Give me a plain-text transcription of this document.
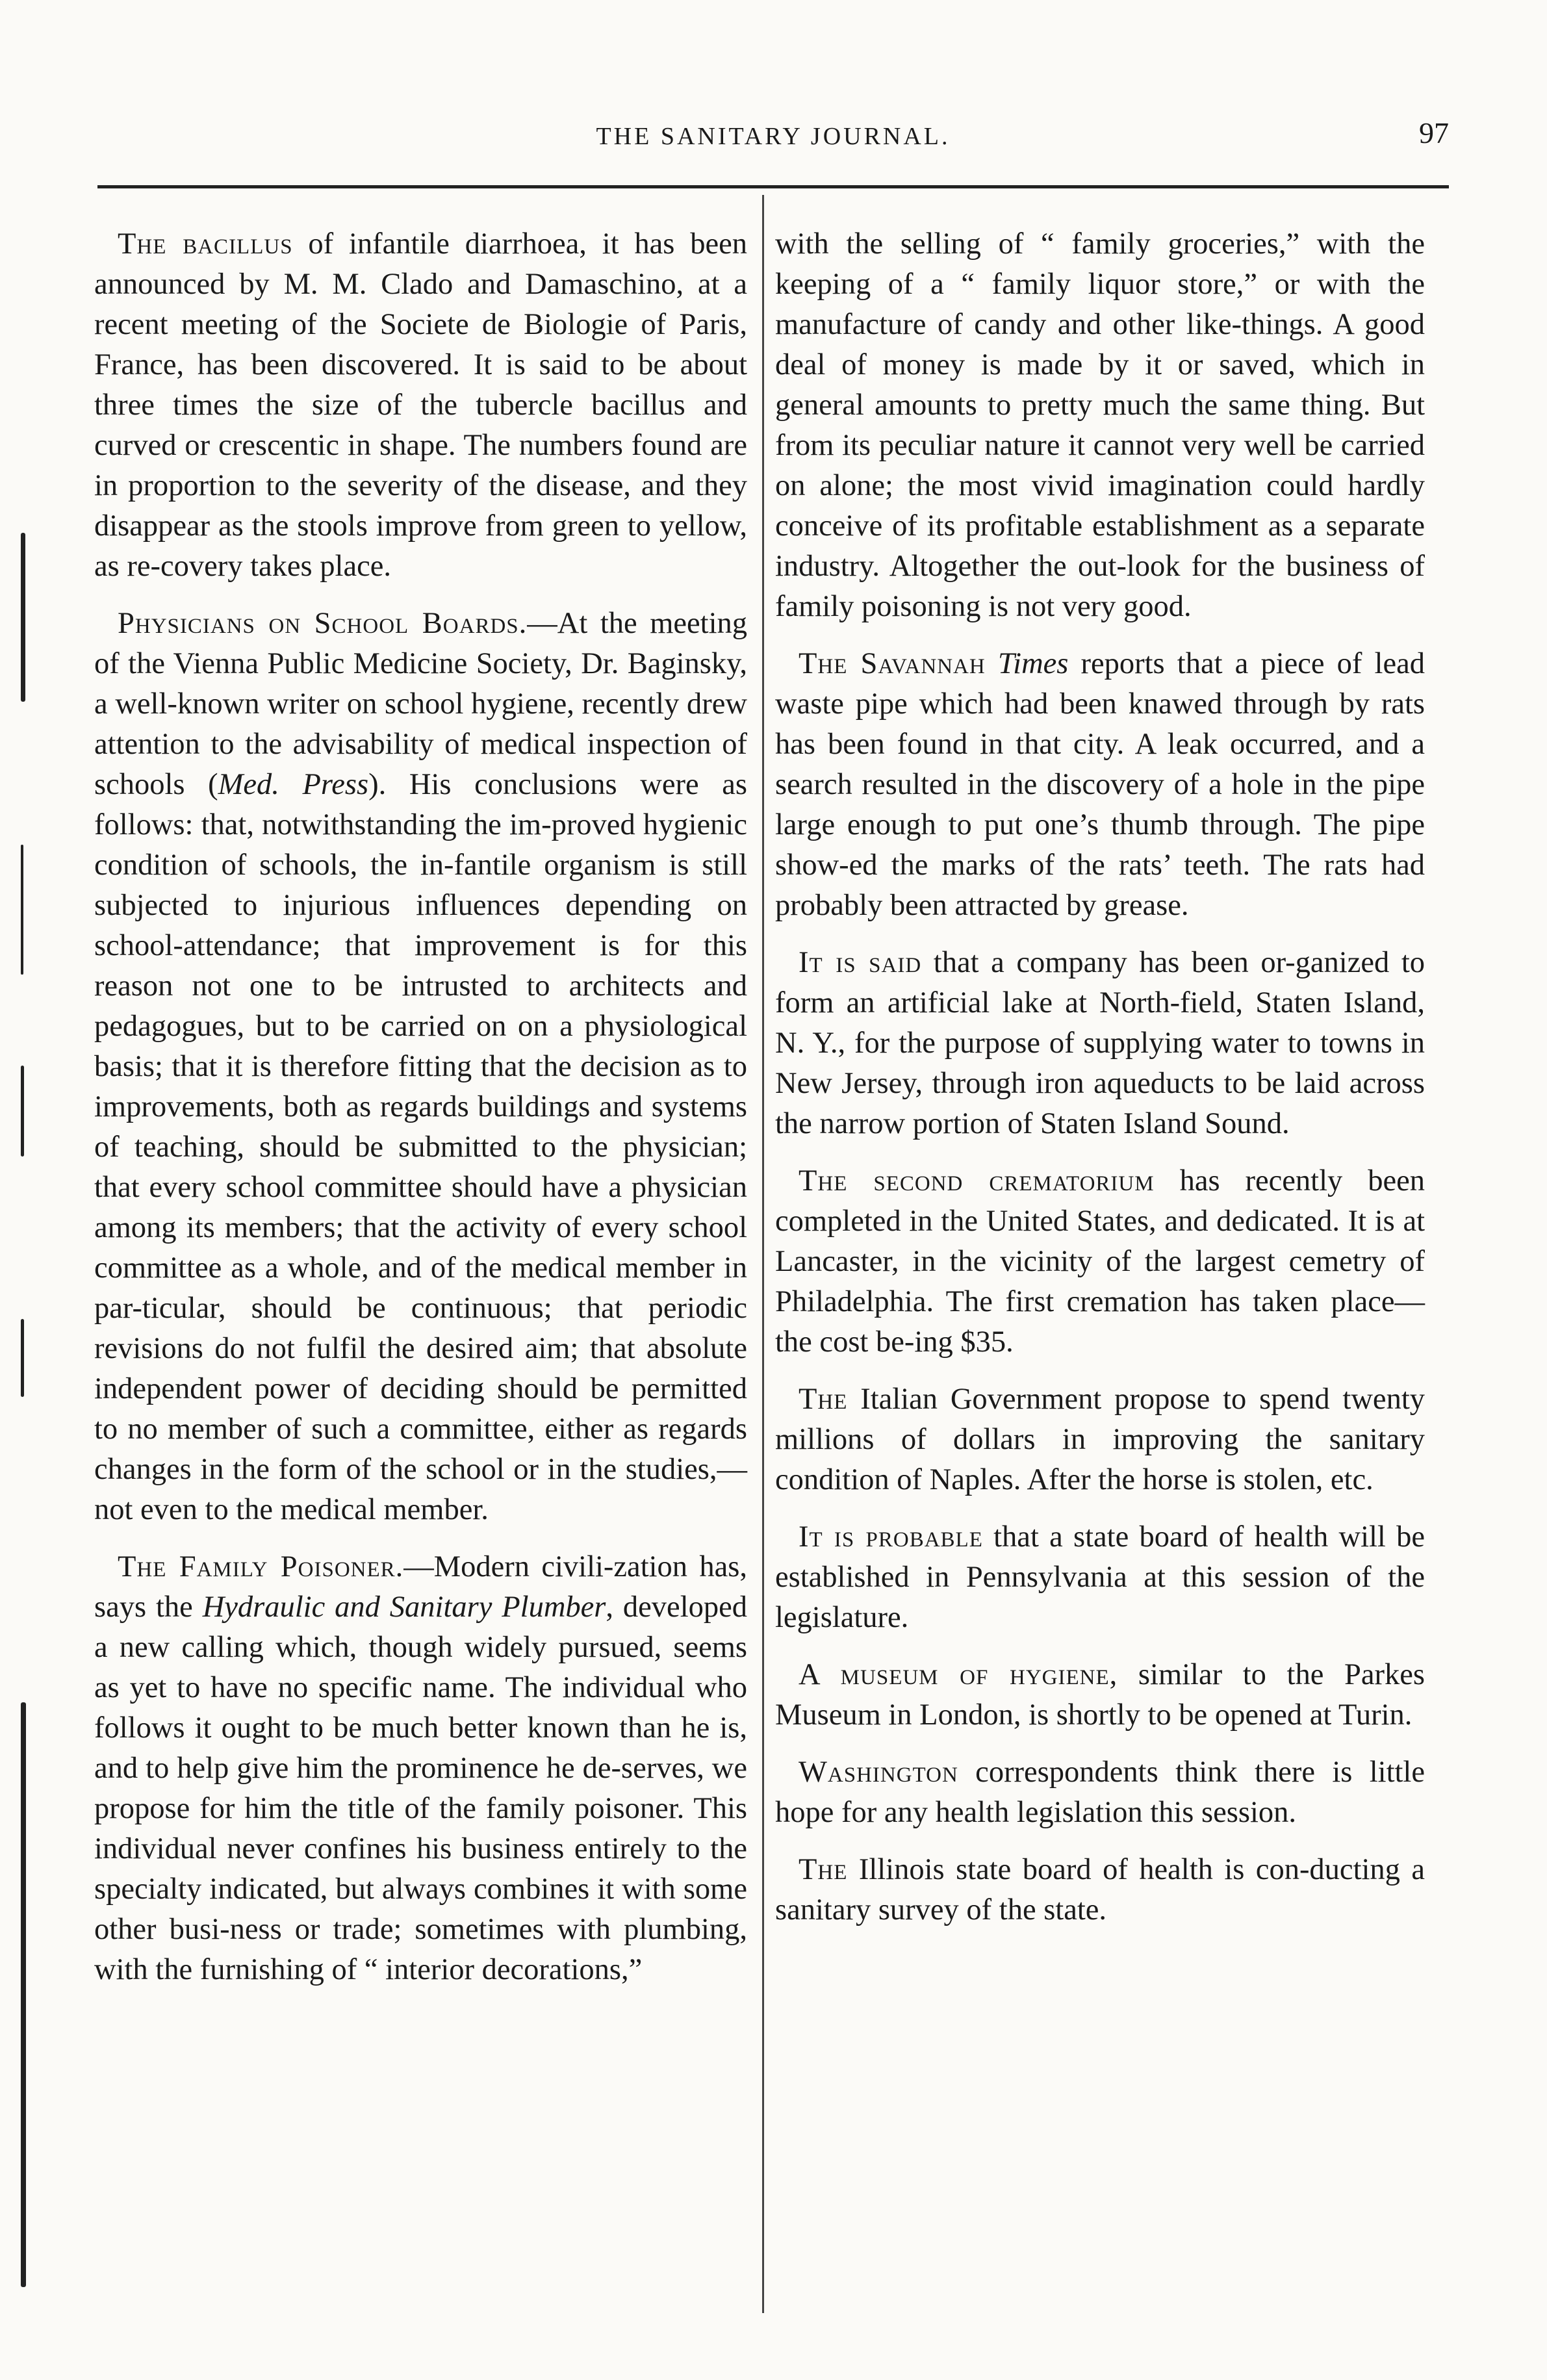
THE SANITARY JOURNAL.	97

The bacillus of infantile diarrhoea, it has been announced by M. M. Clado and Damaschino, at a recent meeting of the Societe de Biologie of Paris, France, has been discovered. It is said to be about three times the size of the tubercle bacillus and curved or crescentic in shape. The numbers found are in proportion to the severity of the disease, and they disappear as the stools improve from green to yellow, as re-covery takes place.

Physicians on School Boards.—At the meeting of the Vienna Public Medicine Society, Dr. Baginsky, a well-known writer on school hygiene, recently drew attention to the advisability of medical inspection of schools (Med. Press). His conclusions were as follows: that, notwithstanding the im-proved hygienic condition of schools, the in-fantile organism is still subjected to injurious influences depending on school-attendance; that improvement is for this reason not one to be intrusted to architects and pedagogues, but to be carried on on a physiological basis; that it is therefore fitting that the decision as to improvements, both as regards buildings and systems of teaching, should be submitted to the physician; that every school committee should have a physician among its members; that the activity of every school committee as a whole, and of the medical member in par-ticular, should be continuous; that periodic revisions do not fulfil the desired aim; that absolute independent power of deciding should be permitted to no member of such a committee, either as regards changes in the form of the school or in the studies,—not even to the medical member.

The Family Poisoner.—Modern civili-zation has, says the Hydraulic and Sanitary Plumber, developed a new calling which, though widely pursued, seems as yet to have no specific name. The individual who follows it ought to be much better known than he is, and to help give him the prominence he de-serves, we propose for him the title of the family poisoner. This individual never confines his business entirely to the specialty indicated, but always combines it with some other busi-ness or trade; sometimes with plumbing, with the furnishing of “ interior decorations,”

with the selling of “ family groceries,” with the keeping of a “ family liquor store,” or with the manufacture of candy and other like-things. A good deal of money is made by it or saved, which in general amounts to pretty much the same thing. But from its peculiar nature it cannot very well be carried on alone; the most vivid imagination could hardly conceive of its profitable establishment as a separate industry. Altogether the out-look for the business of family poisoning is not very good.

The Savannah Times reports that a piece of lead waste pipe which had been knawed through by rats has been found in that city. A leak occurred, and a search resulted in the discovery of a hole in the pipe large enough to put one’s thumb through. The pipe show-ed the marks of the rats’ teeth. The rats had probably been attracted by grease.

It is said that a company has been or-ganized to form an artificial lake at North-field, Staten Island, N. Y., for the purpose of supplying water to towns in New Jersey, through iron aqueducts to be laid across the narrow portion of Staten Island Sound.

The second crematorium has recently been completed in the United States, and dedicated. It is at Lancaster, in the vicinity of the largest cemetry of Philadelphia. The first cremation has taken place—the cost be-ing $35.

The Italian Government propose to spend twenty millions of dollars in improving the sanitary condition of Naples. After the horse is stolen, etc.

It is probable that a state board of health will be established in Pennsylvania at this session of the legislature.

A museum of hygiene, similar to the Parkes Museum in London, is shortly to be opened at Turin.

Washington correspondents think there is little hope for any health legislation this session.

The Illinois state board of health is con-ducting a sanitary survey of the state.
